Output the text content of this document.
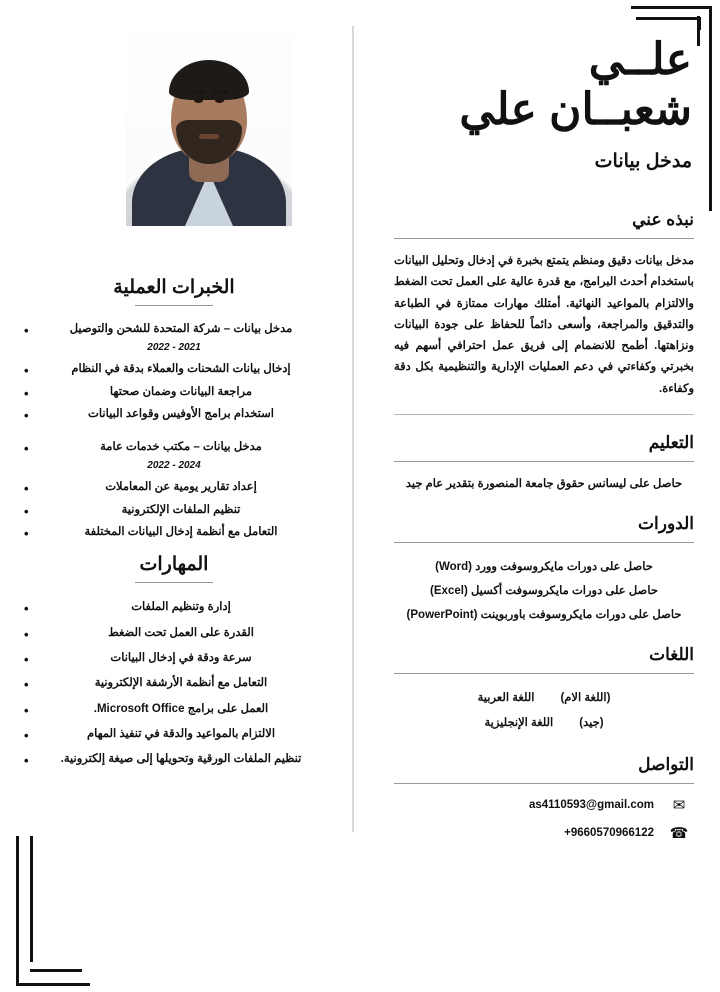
علــي
شعبــان علي
مدخل بيانات
نبذه عني
مدخل بيانات دقيق ومنظم يتمتع بخبرة في إدخال وتحليل البيانات باستخدام أحدث البرامج، مع قدرة عالية على العمل تحت الضغط والالتزام بالمواعيد النهائية. أمتلك مهارات ممتازة في الطباعة والتدقيق والمراجعة، وأسعى دائماً للحفاظ على جودة البيانات ونزاهتها. أطمح للانضمام إلى فريق عمل احترافي أسهم فيه بخبرتي وكفاءتي في دعم العمليات الإدارية والتنظيمية بكل دقة وكفاءة.
التعليم
حاصل على ليسانس حقوق جامعة المنصورة بتقدير عام جيد
الدورات
حاصل على دورات مايكروسوفت وورد (Word)
حاصل على دورات مايكروسوفت أكسيل (Excel)
حاصل على دورات مايكروسوفت باوربوينت (PowerPoint)
اللغات
(اللغة الام)
اللغة العربية
(جيد)
اللغة الإنجليزية
التواصل
as4110593@gmail.com	✉
+9660570966122 ☎
الخبرات العملية
مدخل بيانات – شركة المتحدة للشحن والتوصيل •
2021 - 2022
إدخال بيانات الشحنات والعملاء بدقة في النظام •
مراجعة البيانات وضمان صحتها •
استخدام برامج الأوفيس وقواعد البيانات •
مدخل بيانات – مكتب خدمات عامة •
2024 - 2022
إعداد تقارير يومية عن المعاملات •
تنظيم الملفات الإلكترونية •
التعامل مع أنظمة إدخال البيانات المختلفة •
المهارات
إدارة وتنظيم الملفات •
القدرة على العمل تحت الضغط •
سرعة ودقة في إدخال البيانات •
التعامل مع أنظمة الأرشفة الإلكترونية •
العمل على برامج Microsoft Office. •
الالتزام بالمواعيد والدقة في تنفيذ المهام •
تنظيم الملفات الورقية وتحويلها إلى صيغة إلكترونية. •
